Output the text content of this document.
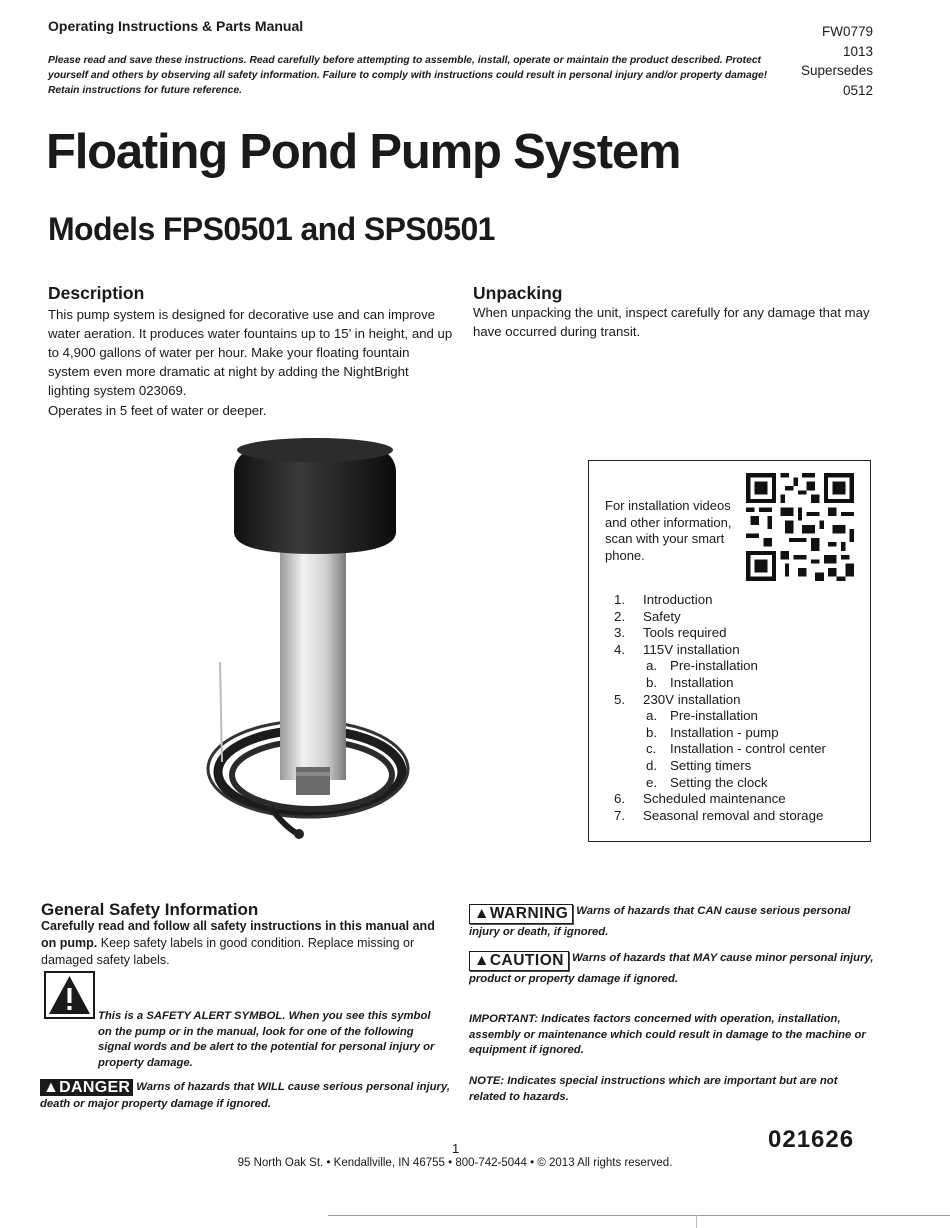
Operating Instructions & Parts Manual	FW0779
1013
Supersedes
0512
Please read and save these instructions. Read carefully before attempting to assemble, install, operate or maintain the product described. Protect yourself and others by observing all safety information. Failure to comply with instructions could result in personal injury and/or property damage! Retain instructions for future reference.
Floating Pond Pump System
Models FPS0501 and SPS0501
Description
This pump system is designed for decorative use and can improve water aeration. It produces water fountains up to 15’ in height, and up to 4,900 gallons of water per hour. Make your floating fountain system even more dramatic at night by adding the NightBright lighting system 023069.
Operates in 5 feet of water or deeper.
Unpacking
When unpacking the unit, inspect carefully for any damage that may have occurred during transit.
For installation videos and other information, scan with your smart phone.
1.	Introduction
2.	Safety
3.	Tools required
4.	115V installation
a. Pre-installation
b. Installation
5.	230V installation
a. Pre-installation
b. Installation - pump
c.	Installation - control center
d. Setting timers
e. Setting the clock
6.	Scheduled maintenance
7.	Seasonal removal and storage
General Safety Information
Carefully read and follow all safety instructions in this manual and on pump. Keep safety labels in good condition. Replace missing or damaged safety labels.
This is a SAFETY ALERT SYMBOL. When you see this symbol on the pump or in the manual, look for one of the following signal words and be alert to the potential for personal injury or property damage.
▲DANGER Warns of hazards that WILL cause serious personal injury, death or major property damage if ignored.
▲WARNING Warns of hazards that CAN cause serious personal injury or death, if ignored.
▲CAUTION Warns of hazards that MAY cause minor personal injury, product or property damage if ignored.
IMPORTANT: Indicates factors concerned with operation, installation, assembly or maintenance which could result in damage to the machine or equipment if ignored.
NOTE: Indicates special instructions which are important but are not related to hazards.
1	021626
95 North Oak St. • Kendallville, IN 46755 • 800-742-5044 • © 2013 All rights reserved.
